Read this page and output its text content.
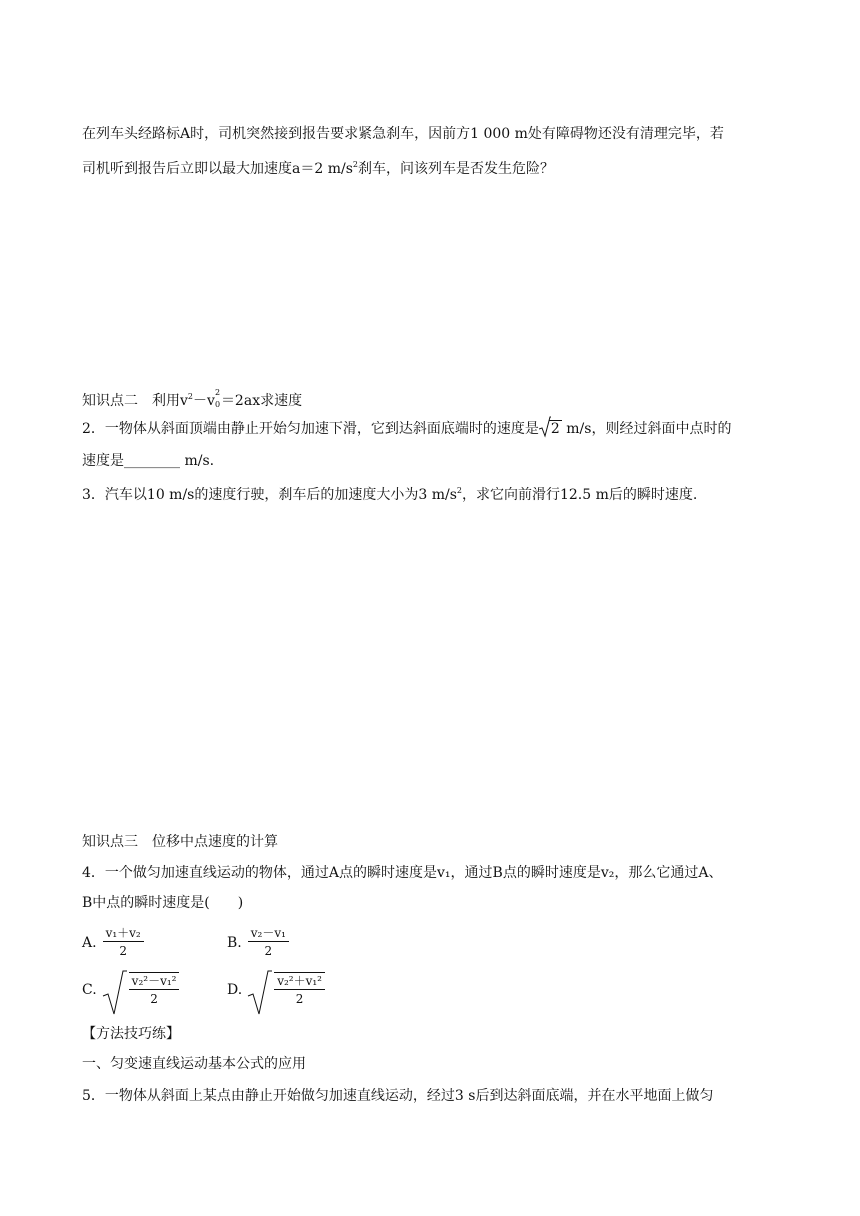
在列车头经路标A时，司机突然接到报告要求紧急刹车，因前方1 000 m处有障碍物还没有清理完毕，若
司机听到报告后立即以最大加速度a＝2 $m/s^2$刹车，问该列车是否发生危险？
知识点二　利用$v^2-v$
2
0 ＝2ax求速度
2．一物体从斜面顶端由静止开始匀加速下滑，它到达斜面底端时的速度是 2 m/s，则经过斜面中点时的
速度是________ m/s.
3．汽车以10 m/s的速度行驶，刹车后的加速度大小为3 $m/s^2$，求它向前滑行12.5 m后的瞬时速度.
知识点三　位移中点速度的计算
4．一个做匀加速直线运动的物体，通过A点的瞬时速度是v₁，通过B点的瞬时速度是v₂，那么它通过A、
B中点的瞬时速度是(　　)
A. $\frac{\text{v₁＋v₂}}{2}$	B. $\frac{\text{v₂－v₁}}{2}$
C.	$\frac{\text{v₂²－v₁²}}{2}$	D.	$\frac{\text{v₂²＋v₁²}}{2}$
【方法技巧练】
一、匀变速直线运动基本公式的应用
5．一物体从斜面上某点由静止开始做匀加速直线运动，经过3 s后到达斜面底端，并在水平地面上做匀
